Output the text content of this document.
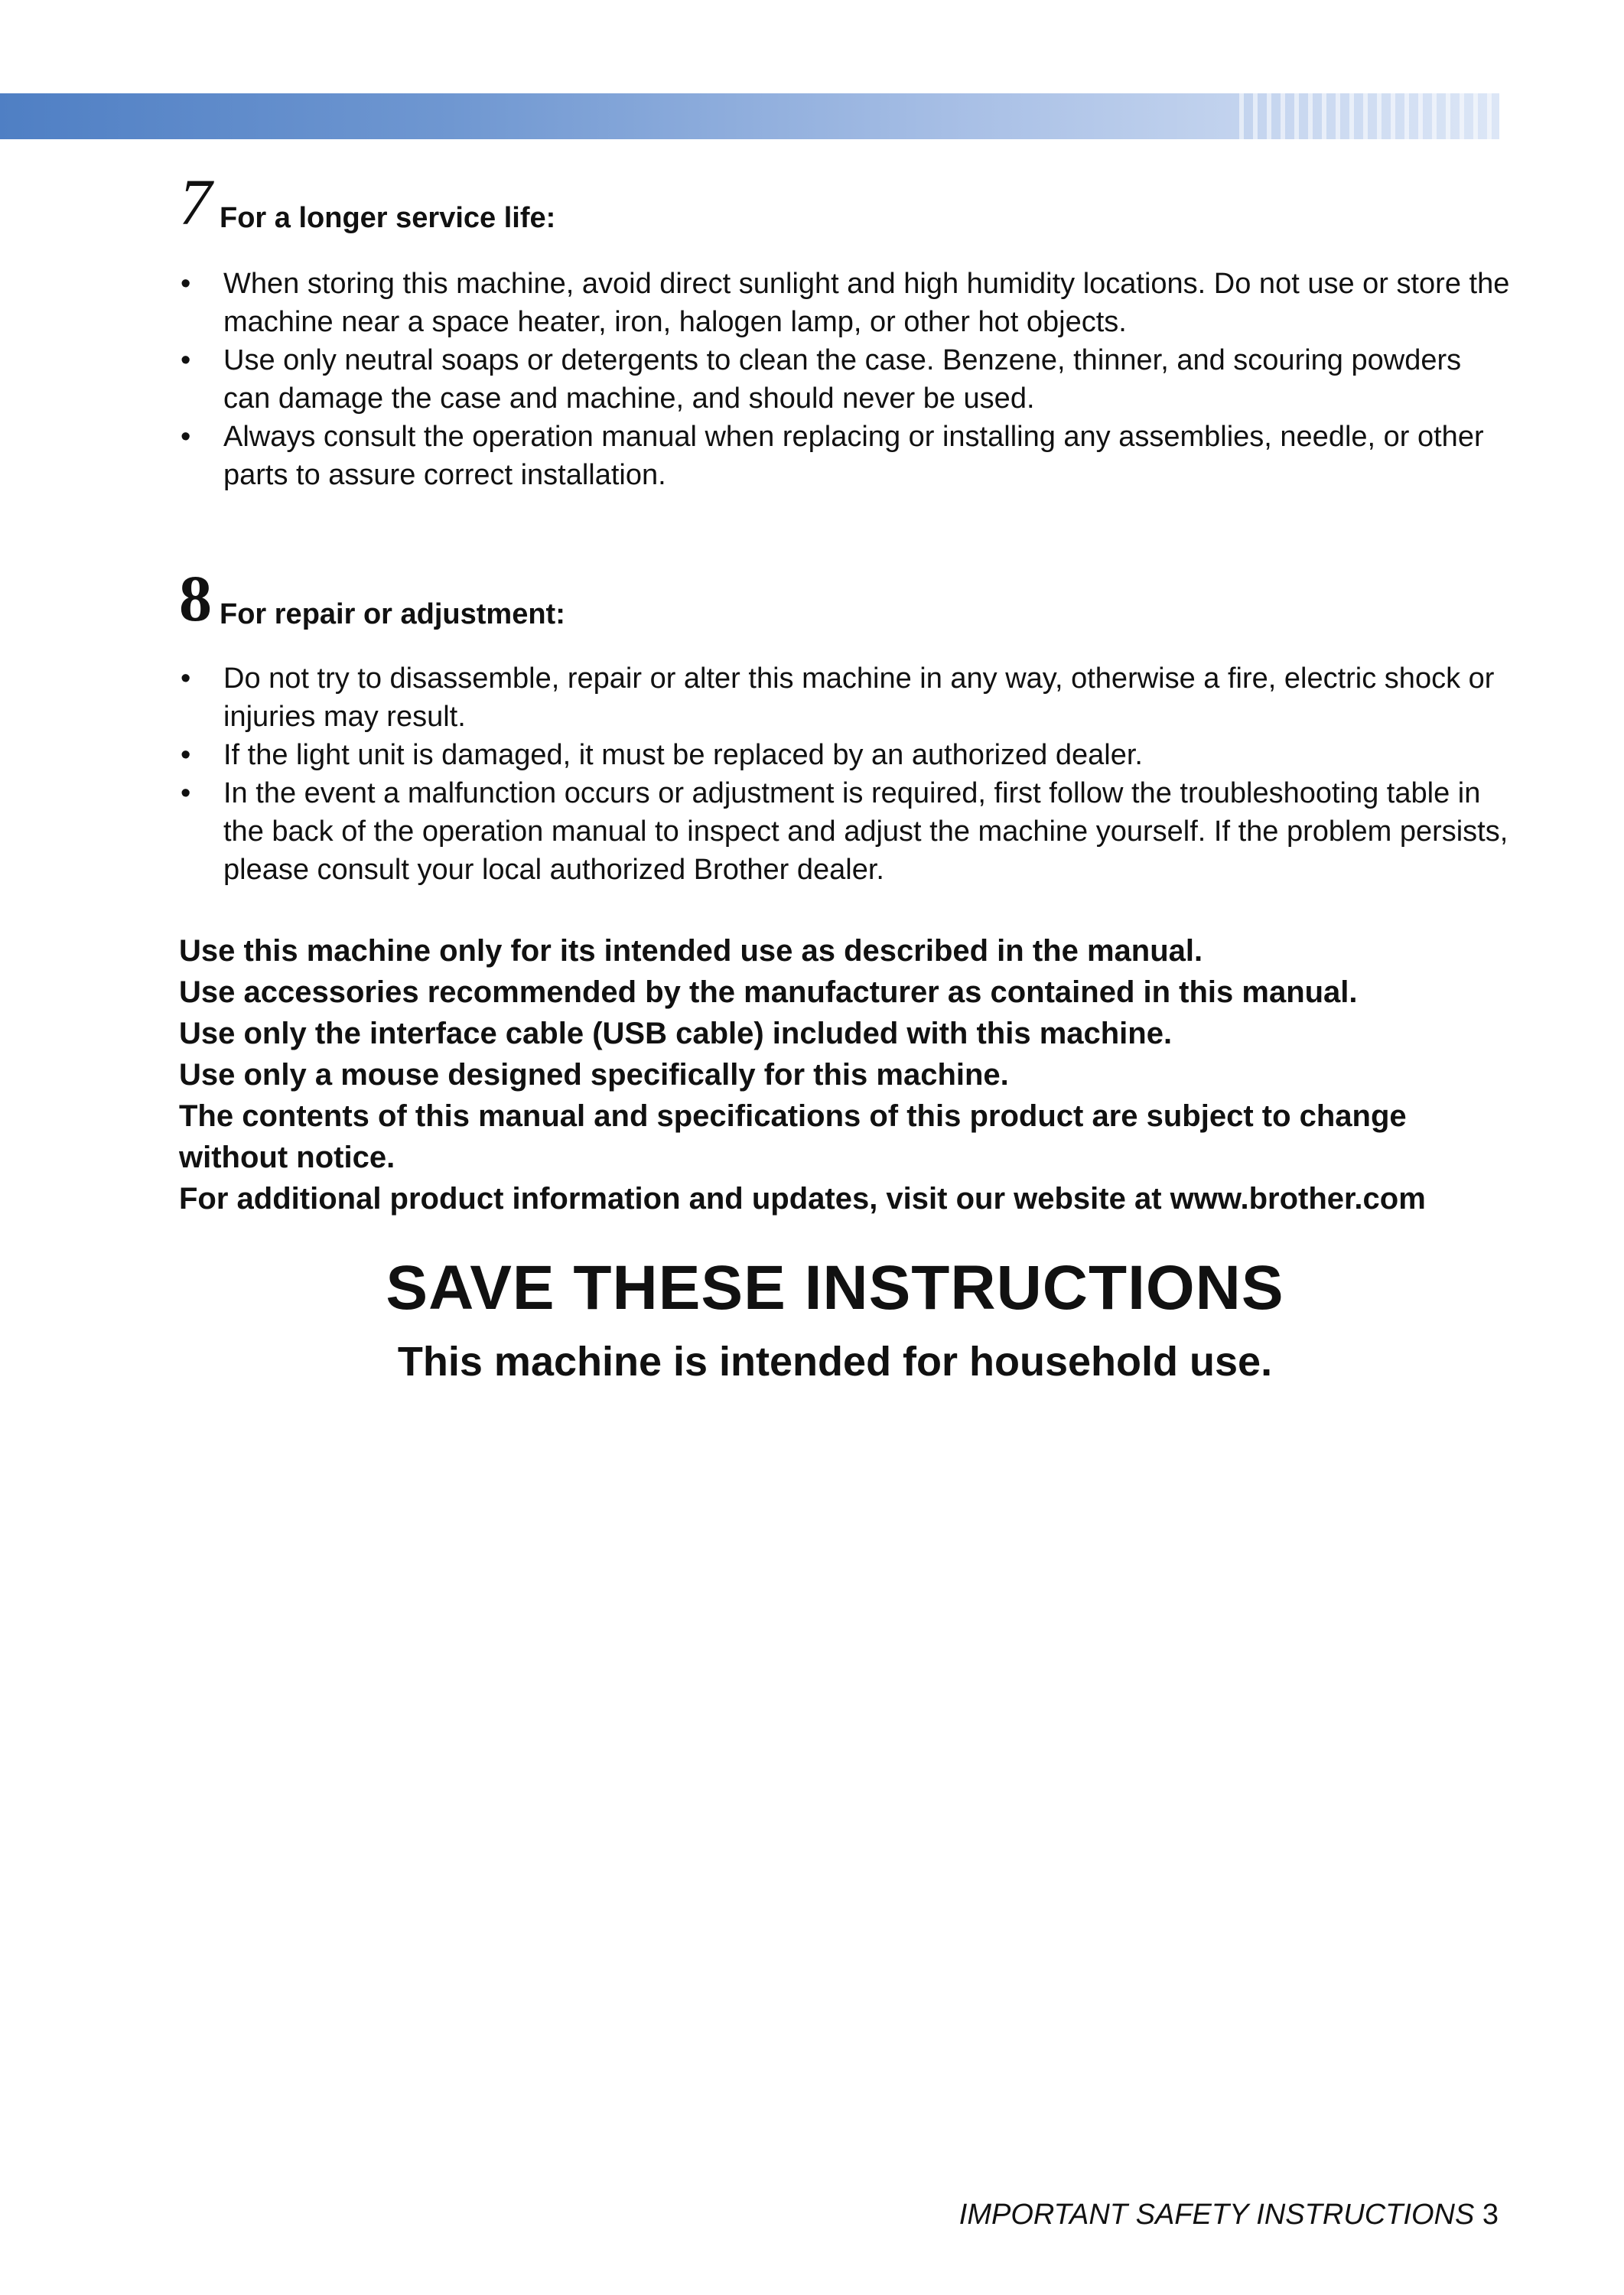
7 For a longer service life:
• When storing this machine, avoid direct sunlight and high humidity locations. Do not use or store the machine near a space heater, iron, halogen lamp, or other hot objects.
• Use only neutral soaps or detergents to clean the case. Benzene, thinner, and scouring powders can damage the case and machine, and should never be used.
• Always consult the operation manual when replacing or installing any assemblies, needle, or other parts to assure correct installation.
8 For repair or adjustment:
• Do not try to disassemble, repair or alter this machine in any way, otherwise a fire, electric shock or injuries may result.
• If the light unit is damaged, it must be replaced by an authorized dealer.
• In the event a malfunction occurs or adjustment is required, first follow the troubleshooting table in the back of the operation manual to inspect and adjust the machine yourself. If the problem persists, please consult your local authorized Brother dealer.
Use this machine only for its intended use as described in the manual.
Use accessories recommended by the manufacturer as contained in this manual.
Use only the interface cable (USB cable) included with this machine.
Use only a mouse designed specifically for this machine.
The contents of this manual and specifications of this product are subject to change without notice.
For additional product information and updates, visit our website at www.brother.com
SAVE THESE INSTRUCTIONS
This machine is intended for household use.
IMPORTANT SAFETY INSTRUCTIONS 3
